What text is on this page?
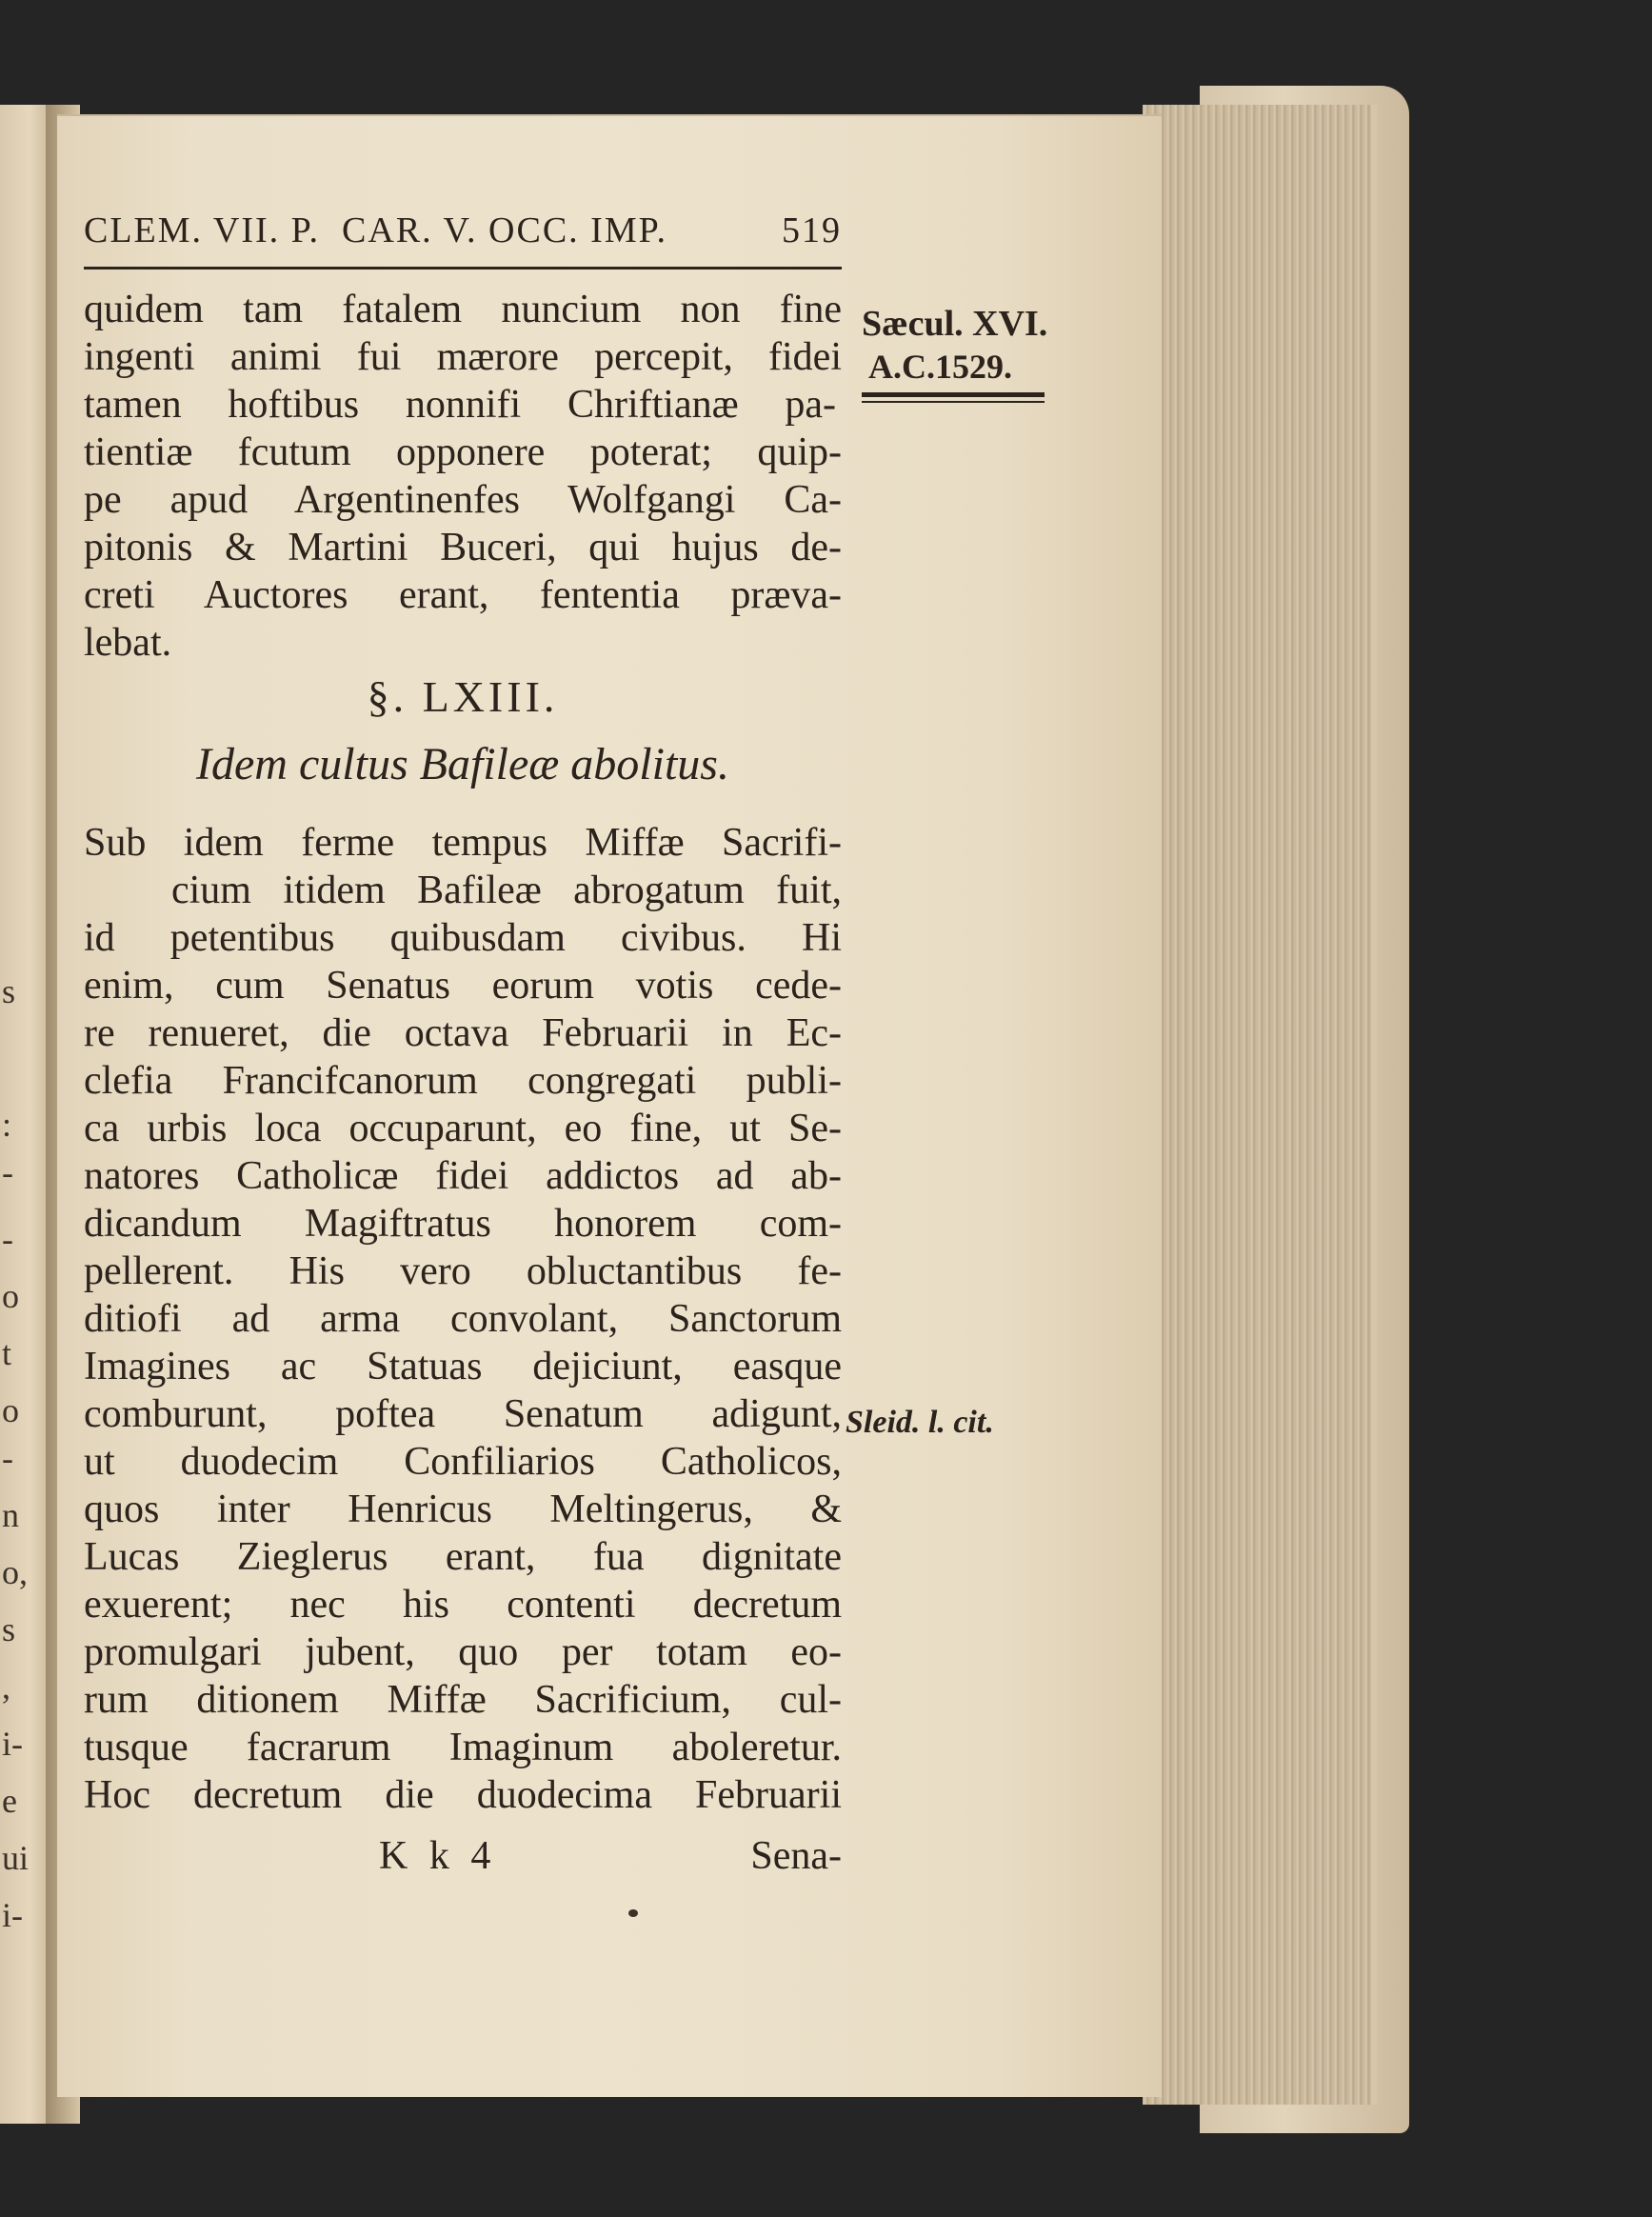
s
:
-
-
o
t
o
-
n
o,
s
,
i-
e
ui
i-
CLEM. VII. P.  CAR. V. OCC. IMP.	519
Sæcul. XVI.
A.C.1529.
Sleid. l. cit.
quidem tam fatalem nuncium non fine
ingenti animi fui mærore percepit, fidei
tamen hoftibus nonnifi Chriftianæ pa-
tientiæ fcutum opponere poterat; quip-
pe apud Argentinenfes Wolfgangi Ca-
pitonis & Martini Buceri, qui hujus de-
creti Auctores erant, fententia præva-
lebat.
§. LXIII.
Idem cultus Bafileæ abolitus.
Sub idem ferme tempus Miffæ Sacrifi-
cium itidem Bafileæ abrogatum fuit,
id petentibus quibusdam civibus. Hi
enim, cum Senatus eorum votis cede-
re renueret, die octava Februarii in Ec-
clefia Francifcanorum congregati publi-
ca urbis loca occuparunt, eo fine, ut Se-
natores Catholicæ fidei addictos ad ab-
dicandum Magiftratus honorem com-
pellerent. His vero obluctantibus fe-
ditiofi ad arma convolant, Sanctorum
Imagines ac Statuas dejiciunt, easque
comburunt, poftea Senatum adigunt,
ut duodecim Confiliarios Catholicos,
quos inter Henricus Meltingerus, &
Lucas Zieglerus erant, fua dignitate
exuerent; nec his contenti decretum
promulgari jubent, quo per totam eo-
rum ditionem Miffæ Sacrificium, cul-
tusque facrarum Imaginum aboleretur.
Hoc decretum die duodecima Februarii
K k 4	Sena-
